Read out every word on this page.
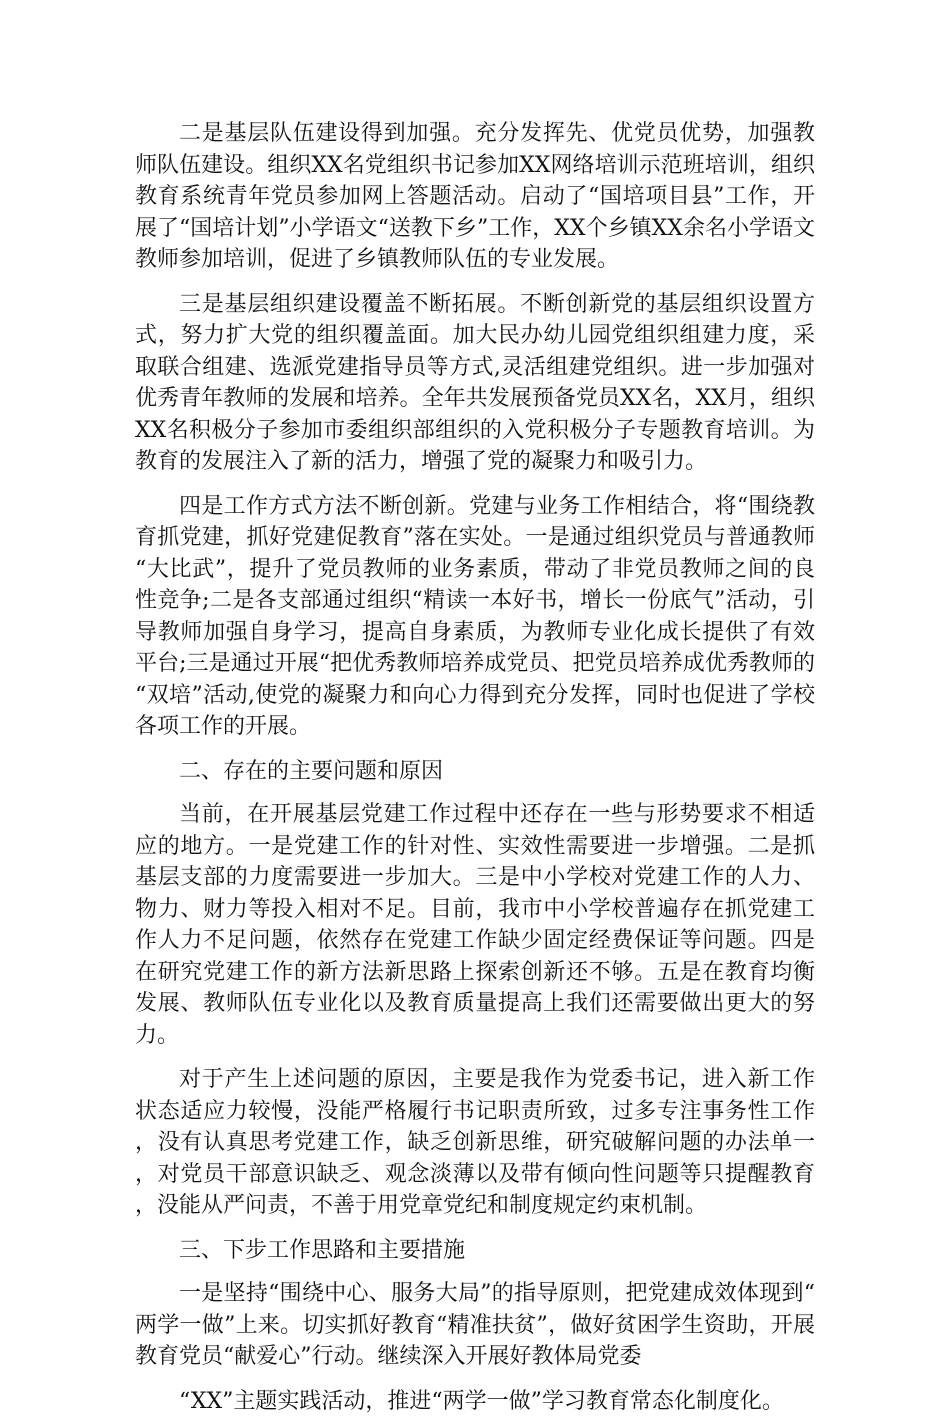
二是基层队伍建设得到加强。充分发挥先、优党员优势，加强教师队伍建设。组织XX名党组织书记参加XX网络培训示范班培训，组织教育系统青年党员参加网上答题活动。启动了“国培项目县”工作，开展了“国培计划”小学语文“送教下乡”工作，XX个乡镇XX余名小学语文教师参加培训，促进了乡镇教师队伍的专业发展。

三是基层组织建设覆盖不断拓展。不断创新党的基层组织设置方式，努力扩大党的组织覆盖面。加大民办幼儿园党组织组建力度，采取联合组建、选派党建指导员等方式,灵活组建党组织。进一步加强对优秀青年教师的发展和培养。全年共发展预备党员XX名，XX月，组织XX名积极分子参加市委组织部组织的入党积极分子专题教育培训。为教育的发展注入了新的活力，增强了党的凝聚力和吸引力。

四是工作方式方法不断创新。党建与业务工作相结合，将“围绕教育抓党建，抓好党建促教育”落在实处。一是通过组织党员与普通教师“大比武”，提升了党员教师的业务素质，带动了非党员教师之间的良性竞争;二是各支部通过组织“精读一本好书，增长一份底气”活动，引导教师加强自身学习，提高自身素质，为教师专业化成长提供了有效平台;三是通过开展“把优秀教师培养成党员、把党员培养成优秀教师的“双培”活动,使党的凝聚力和向心力得到充分发挥，同时也促进了学校各项工作的开展。

二、存在的主要问题和原因

当前，在开展基层党建工作过程中还存在一些与形势要求不相适应的地方。一是党建工作的针对性、实效性需要进一步增强。二是抓基层支部的力度需要进一步加大。三是中小学校对党建工作的人力、物力、财力等投入相对不足。目前，我市中小学校普遍存在抓党建工作人力不足问题，依然存在党建工作缺少固定经费保证等问题。四是在研究党建工作的新方法新思路上探索创新还不够。五是在教育均衡发展、教师队伍专业化以及教育质量提高上我们还需要做出更大的努力。

对于产生上述问题的原因，主要是我作为党委书记，进入新工作状态适应力较慢，没能严格履行书记职责所致，过多专注事务性工作，没有认真思考党建工作，缺乏创新思维，研究破解问题的办法单一，对党员干部意识缺乏、观念淡薄以及带有倾向性问题等只提醒教育，没能从严问责，不善于用党章党纪和制度规定约束机制。

三、下步工作思路和主要措施

一是坚持“围绕中心、服务大局”的指导原则，把党建成效体现到“两学一做”上来。切实抓好教育“精准扶贫”，做好贫困学生资助，开展教育党员“献爱心”行动。继续深入开展好教体局党委

“XX”主题实践活动，推进“两学一做”学习教育常态化制度化。
